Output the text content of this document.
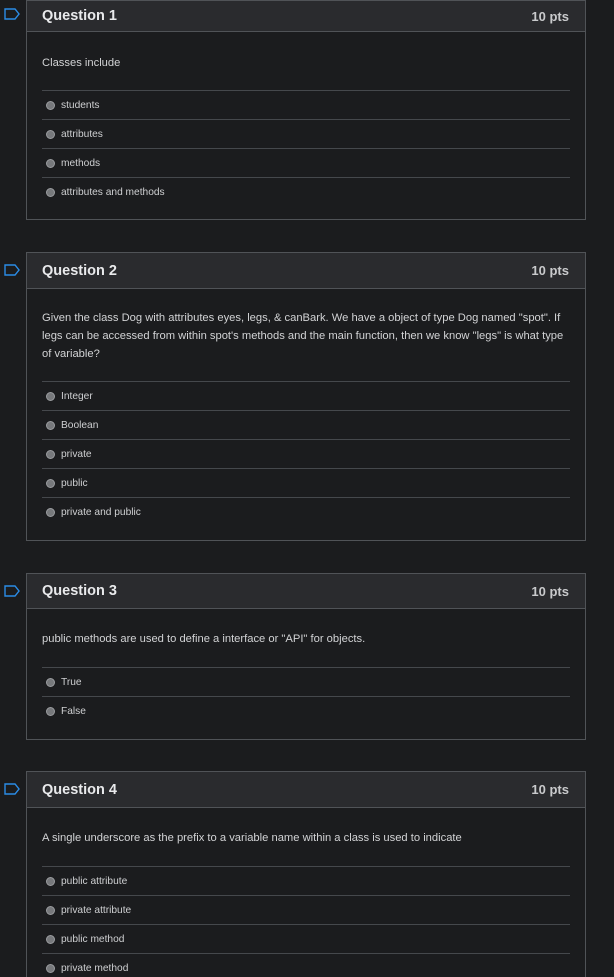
Question 1	10 pts
Classes include
students
attributes
methods
attributes and methods
Question 2	10 pts
Given the class Dog with attributes eyes, legs, & canBark. We have a object of type Dog named "spot". If legs can be accessed from within spot's methods and the main function, then we know "legs" is what type of variable?
Integer
Boolean
private
public
private and public
Question 3	10 pts
public methods are used to define a interface or "API" for objects.
True
False
Question 4	10 pts
A single underscore as the prefix to a variable name within a class is used to indicate
public attribute
private attribute
public method
private method
